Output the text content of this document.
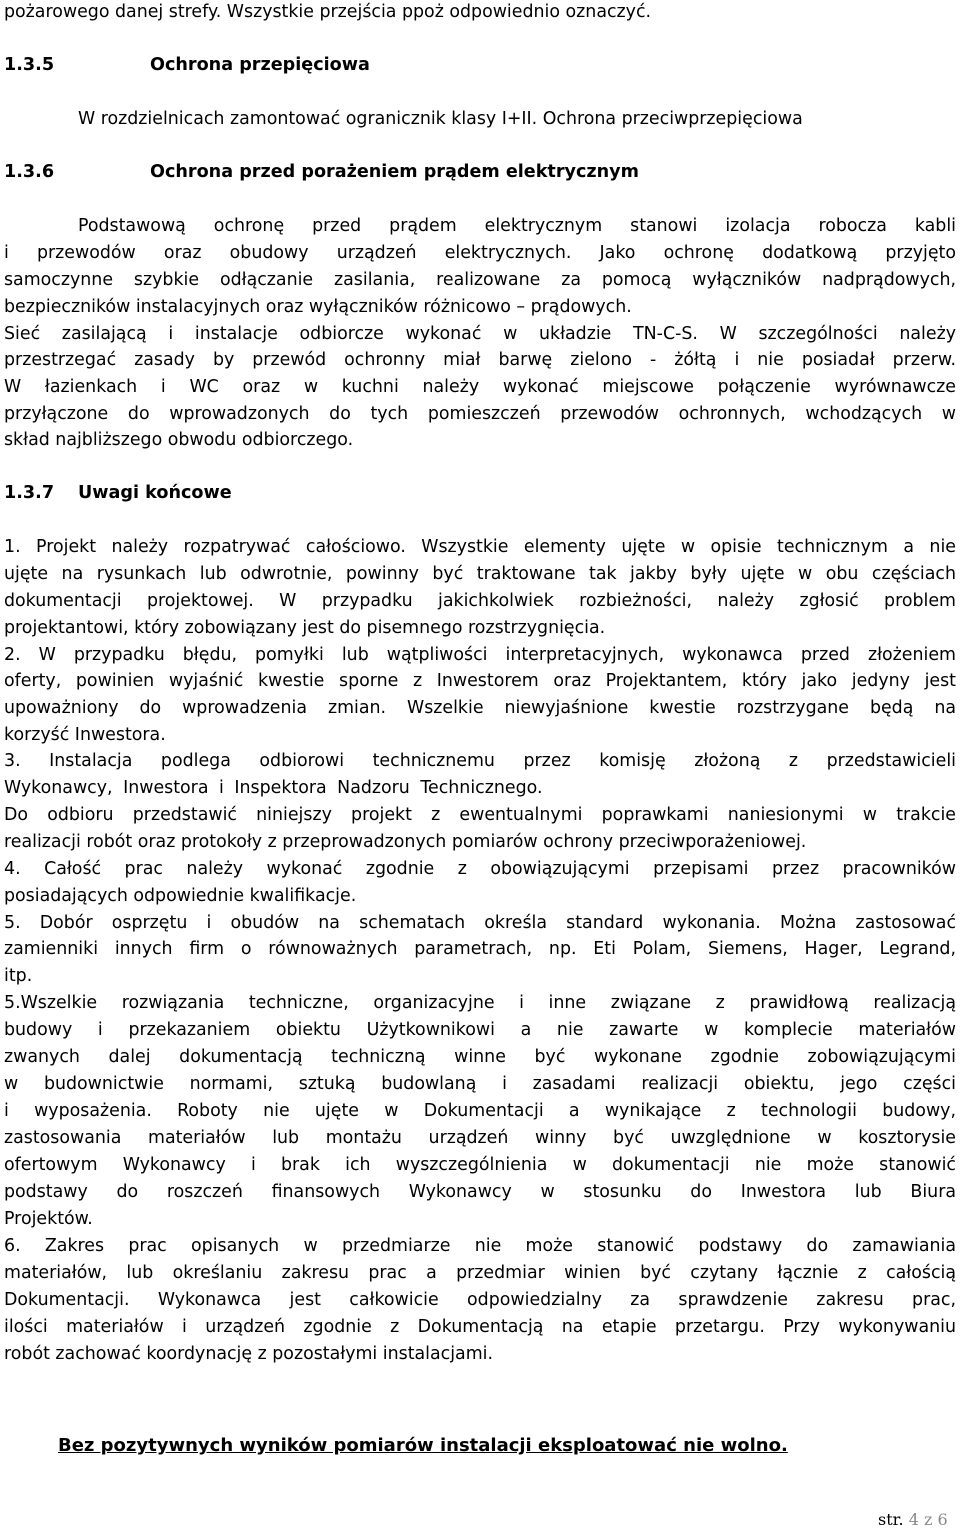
pożarowego danej strefy. Wszystkie przejścia ppoż odpowiednio oznaczyć.
1.3.5	Ochrona przepięciowa
W rozdzielnicach zamontować ogranicznik klasy I+II. Ochrona przeciwprzepięciowa
1.3.6	Ochrona przed porażeniem prądem elektrycznym
Podstawową ochronę przed prądem elektrycznym stanowi izolacja robocza kabli
i przewodów oraz obudowy urządzeń elektrycznych. Jako ochronę dodatkową przyjęto
samoczynne szybkie odłączanie zasilania, realizowane za pomocą wyłączników nadprądowych,
bezpieczników instalacyjnych oraz wyłączników różnicowo – prądowych.
Sieć zasilającą i instalacje odbiorcze wykonać w układzie TN-C-S. W szczególności należy
przestrzegać zasady by przewód ochronny miał barwę zielono - żółtą i nie posiadał przerw.
W łazienkach i WC oraz w kuchni należy wykonać miejscowe połączenie wyrównawcze
przyłączone do wprowadzonych do tych pomieszczeń przewodów ochronnych, wchodzących w
skład najbliższego obwodu odbiorczego.
1.3.7 Uwagi końcowe
1. Projekt należy rozpatrywać całościowo. Wszystkie elementy ujęte w opisie technicznym a nie
ujęte na rysunkach lub odwrotnie, powinny być traktowane tak jakby były ujęte w obu częściach
dokumentacji projektowej. W przypadku jakichkolwiek rozbieżności, należy zgłosić problem
projektantowi, który zobowiązany jest do pisemnego rozstrzygnięcia.
2. W przypadku błędu, pomyłki lub wątpliwości interpretacyjnych, wykonawca przed złożeniem
oferty, powinien wyjaśnić kwestie sporne z Inwestorem oraz Projektantem, który jako jedyny jest
upoważniony do wprowadzenia zmian. Wszelkie niewyjaśnione kwestie rozstrzygane będą na
korzyść Inwestora.
3. Instalacja podlega odbiorowi technicznemu przez komisję złożoną z przedstawicieli
Wykonawcy, Inwestora i Inspektora Nadzoru Technicznego.
Do odbioru przedstawić niniejszy projekt z ewentualnymi poprawkami naniesionymi w trakcie
realizacji robót oraz protokoły z przeprowadzonych pomiarów ochrony przeciwporażeniowej.
4. Całość prac należy wykonać zgodnie z obowiązującymi przepisami przez pracowników
posiadających odpowiednie kwalifikacje.
5. Dobór osprzętu i obudów na schematach określa standard wykonania. Można zastosować
zamienniki innych firm o równoważnych parametrach, np. Eti Polam, Siemens, Hager, Legrand,
itp.
5.Wszelkie rozwiązania techniczne, organizacyjne i inne związane z prawidłową realizacją
budowy i przekazaniem obiektu Użytkownikowi a nie zawarte w komplecie materiałów
zwanych dalej dokumentacją techniczną winne być wykonane zgodnie zobowiązującymi
w budownictwie normami, sztuką budowlaną i zasadami realizacji obiektu, jego części
i wyposażenia. Roboty nie ujęte w Dokumentacji a wynikające z technologii budowy,
zastosowania materiałów lub montażu urządzeń winny być uwzględnione w kosztorysie
ofertowym Wykonawcy i brak ich wyszczególnienia w dokumentacji nie może stanowić
podstawy do roszczeń finansowych Wykonawcy w stosunku do Inwestora lub Biura
Projektów.
6. Zakres prac opisanych w przedmiarze nie może stanowić podstawy do zamawiania
materiałów, lub określaniu zakresu prac a przedmiar winien być czytany łącznie z całością
Dokumentacji. Wykonawca jest całkowicie odpowiedzialny za sprawdzenie zakresu prac,
ilości materiałów i urządzeń zgodnie z Dokumentacją na etapie przetargu. Przy wykonywaniu
robót zachować koordynację z pozostałymi instalacjami.
Bez pozytywnych wyników pomiarów instalacji eksploatować nie wolno.
str. 4 z 6
